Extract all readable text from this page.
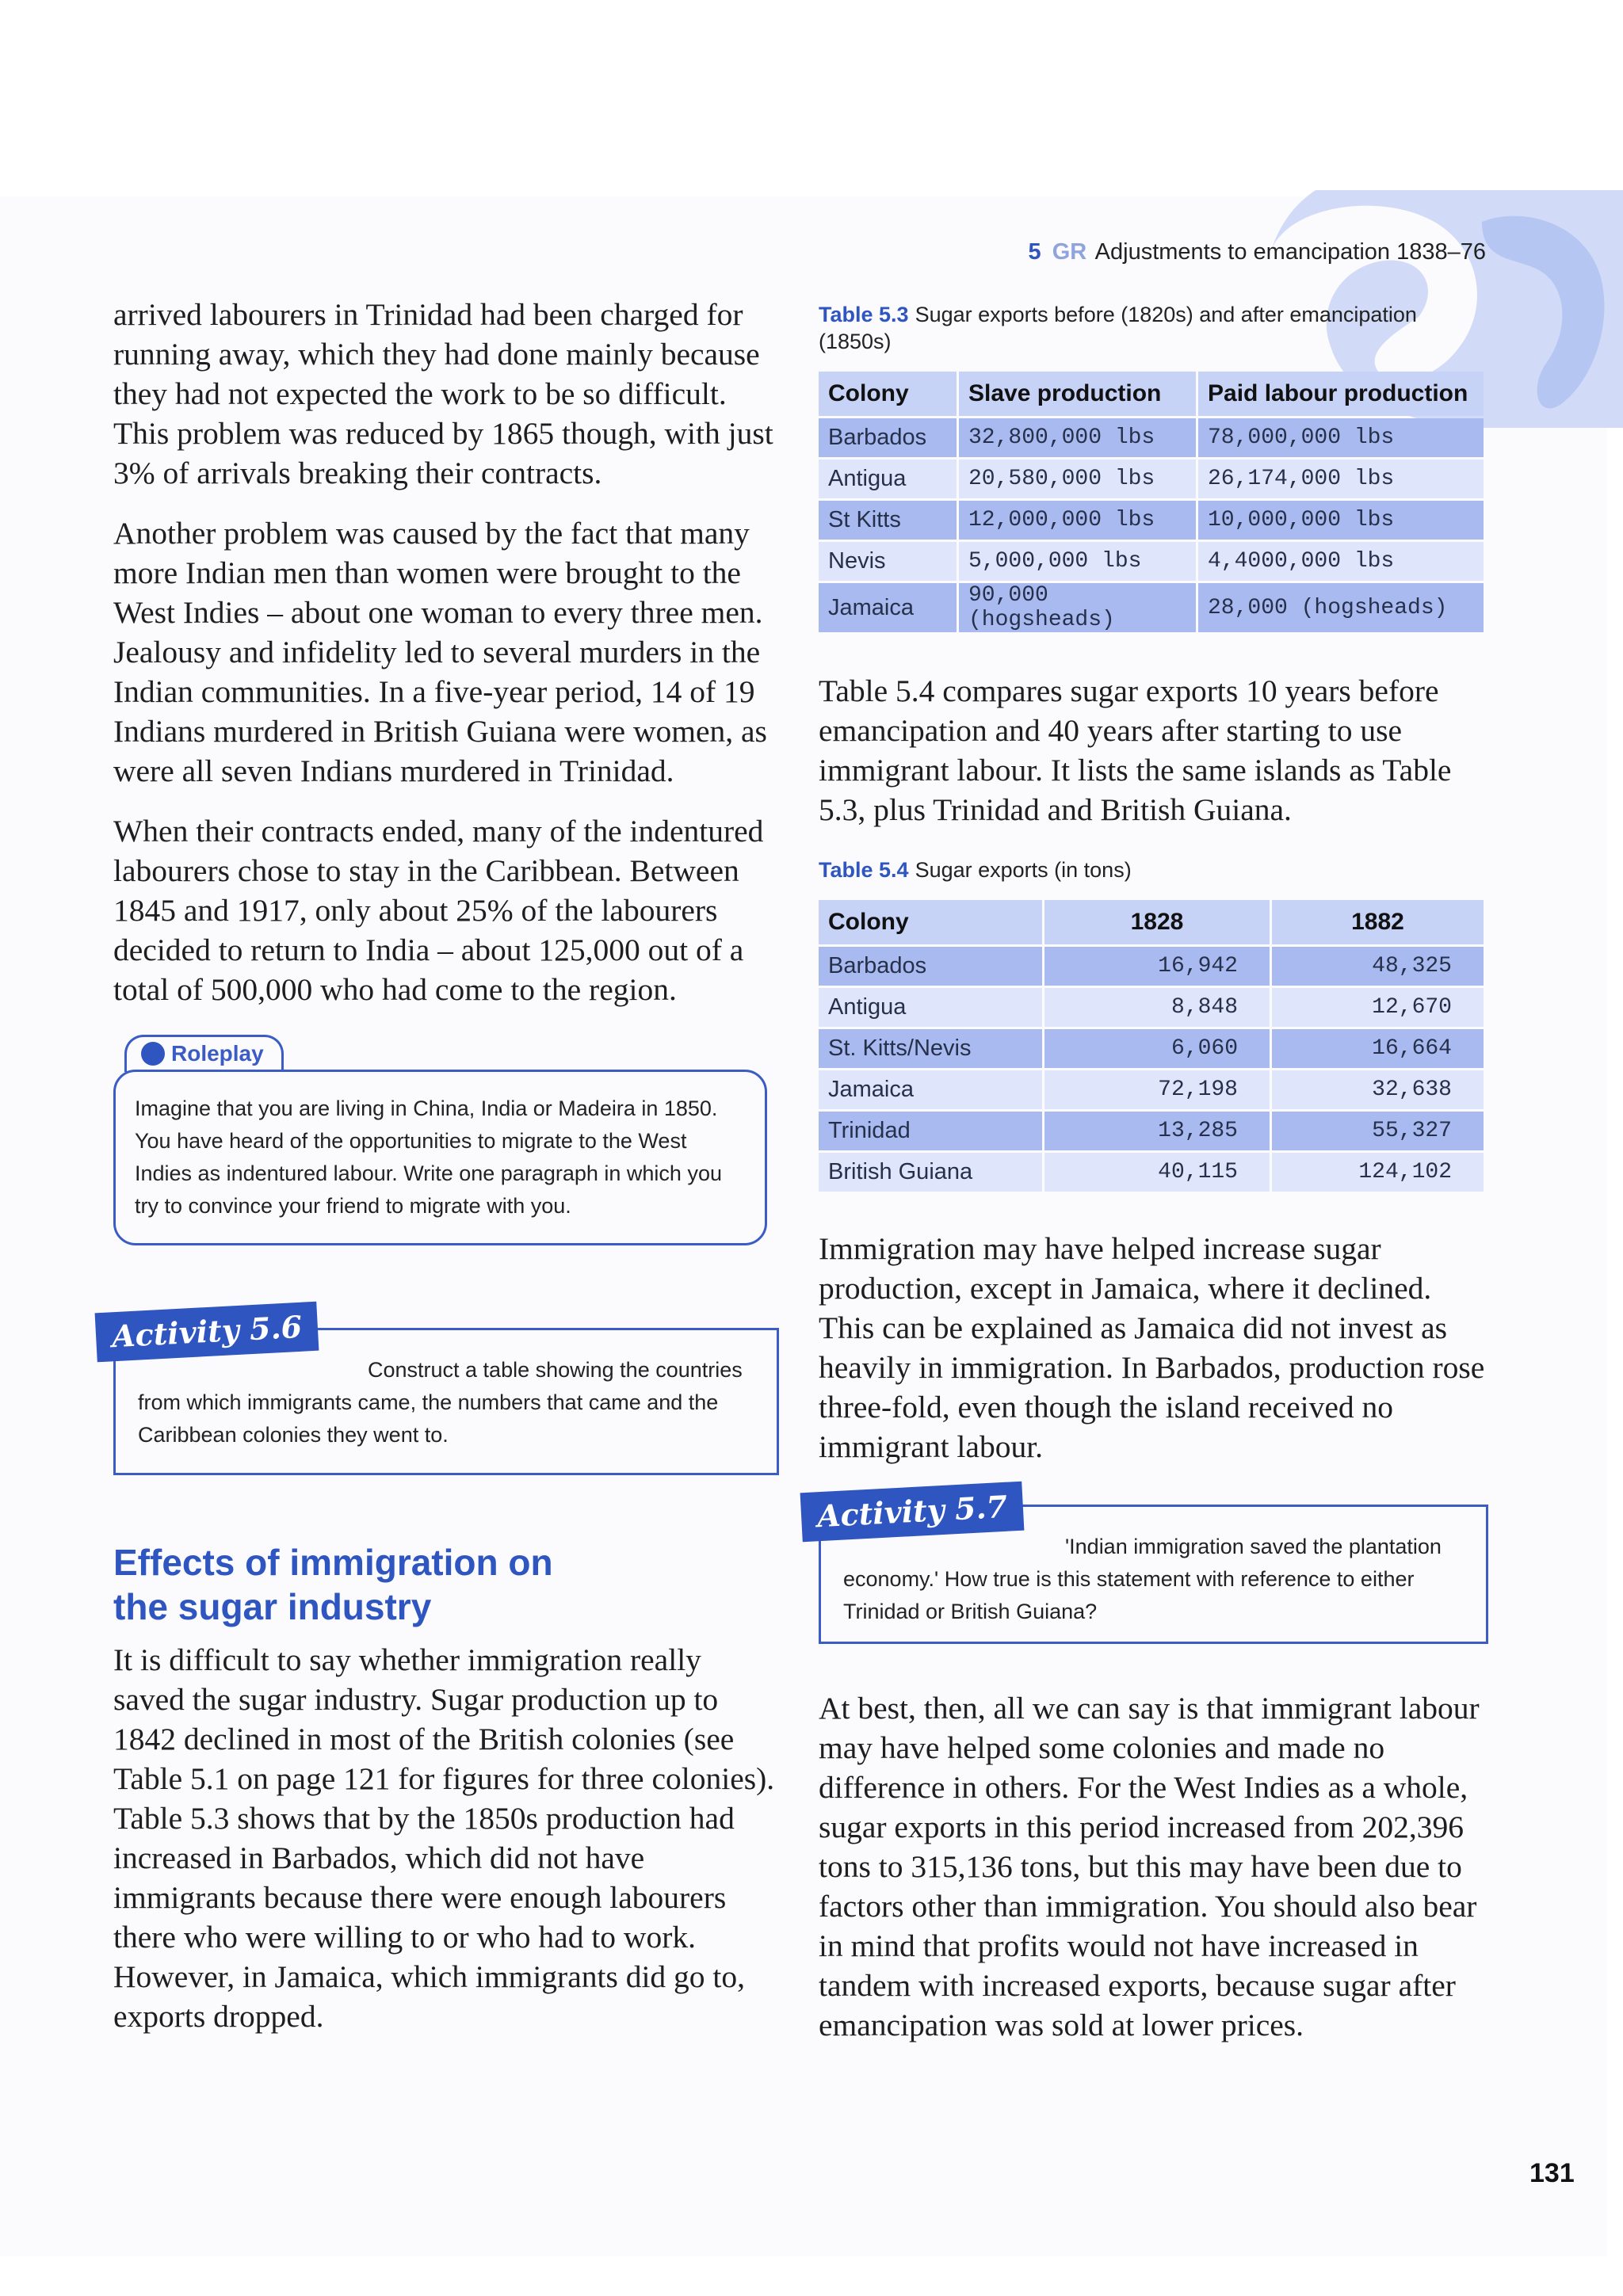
5 GR Adjustments to emancipation 1838–76

arrived labourers in Trinidad had been charged for running away, which they had done mainly because they had not expected the work to be so difficult. This problem was reduced by 1865 though, with just 3% of arrivals breaking their contracts.

Another problem was caused by the fact that many more Indian men than women were brought to the West Indies – about one woman to every three men. Jealousy and infidelity led to several murders in the Indian communities. In a five-year period, 14 of 19 Indians murdered in British Guiana were women, as were all seven Indians murdered in Trinidad.

When their contracts ended, many of the indentured labourers chose to stay in the Caribbean. Between 1845 and 1917, only about 25% of the labourers decided to return to India – about 125,000 out of a total of 500,000 who had come to the region.

Roleplay
Imagine that you are living in China, India or Madeira in 1850. You have heard of the opportunities to migrate to the West Indies as indentured labour. Write one paragraph in which you try to convince your friend to migrate with you.
Construct a table showing the countries from which immigrants came, the numbers that came and the Caribbean colonies they went to.
Activity 5.6
Effects of immigration on
the sugar industry

It is difficult to say whether immigration really saved the sugar industry. Sugar production up to 1842 declined in most of the British colonies (see Table 5.1 on page 121 for figures for three colonies). Table 5.3 shows that by the 1850s production had increased in Barbados, which did not have immigrants because there were enough labourers there who were willing to or who had to work. However, in Jamaica, which immigrants did go to, exports dropped.

Table 5.3 Sugar exports before (1820s) and after emancipation (1850s)

Colony	Slave production	Paid labour production
Barbados	32,800,000 lbs	78,000,000 lbs
Antigua	20,580,000 lbs	26,174,000 lbs
St Kitts	12,000,000 lbs	10,000,000 lbs
Nevis	5,000,000 lbs	4,4000,000 lbs
Jamaica	90,000 (hogsheads)	28,000 (hogsheads)

Table 5.4 compares sugar exports 10 years before emancipation and 40 years after starting to use immigrant labour. It lists the same islands as Table 5.3, plus Trinidad and British Guiana.

Table 5.4 Sugar exports (in tons)

Colony	1828	1882
Barbados	16,942	48,325
Antigua	8,848	12,670
St. Kitts/Nevis	6,060	16,664
Jamaica	72,198	32,638
Trinidad	13,285	55,327
British Guiana	40,115	124,102

Immigration may have helped increase sugar production, except in Jamaica, where it declined. This can be explained as Jamaica did not invest as heavily in immigration. In Barbados, production rose three-fold, even though the island received no immigrant labour.

'Indian immigration saved the plantation economy.' How true is this statement with reference to either Trinidad or British Guiana?
Activity 5.7

At best, then, all we can say is that immigrant labour may have helped some colonies and made no difference in others. For the West Indies as a whole, sugar exports in this period increased from 202,396 tons to 315,136 tons, but this may have been due to factors other than immigration. You should also bear in mind that profits would not have increased in tandem with increased exports, because sugar after emancipation was sold at lower prices.

131
